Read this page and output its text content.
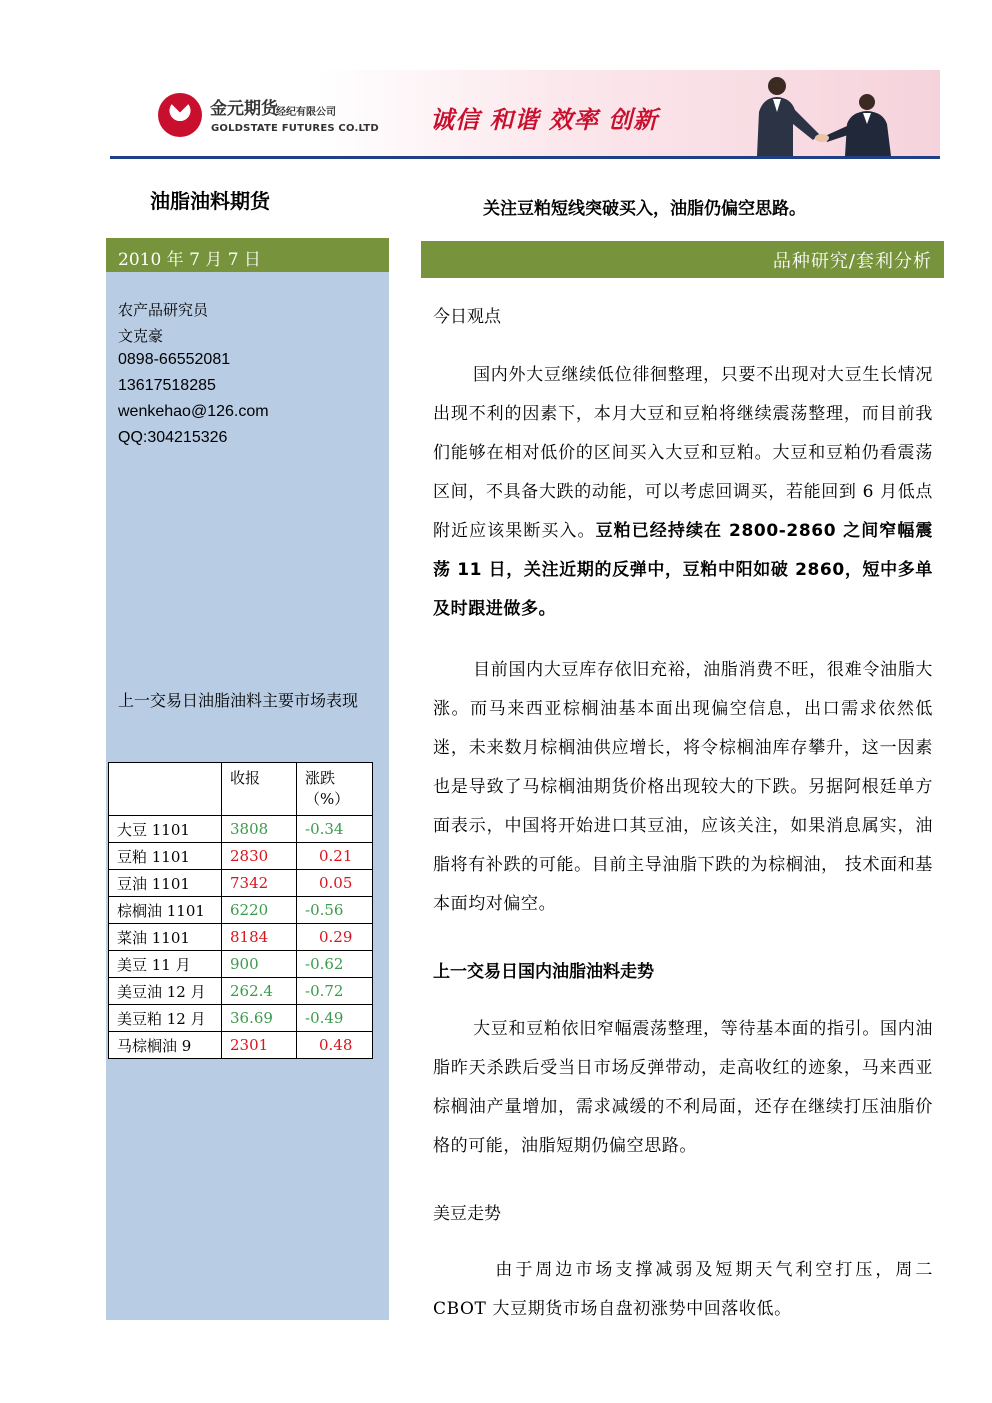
金元期货
经纪有限公司
GOLDSTATE FUTURES CO.LTD 诚信 和谐 效率 创新
油脂油料期货	关注豆粕短线突破买入，油脂仍偏空思路。
2010 年 7 月 7 日
农产品研究员
文克豪
0898-66552081
13617518285
wenkehao@126.com
QQ:304215326
上一交易日油脂油料主要市场表现
	收报	涨跌（%）
大豆 1101	3808	-0.34
豆粕 1101	2830	0.21
豆油 1101	7342	0.05
棕榈油 1101	6220	-0.56
菜油 1101	8184	0.29
美豆 11 月	900	-0.62
美豆油 12 月	262.4	-0.72
美豆粕 12 月	36.69	-0.49
马棕榈油 9	2301	0.48
品种研究/套利分析
今日观点

国内外大豆继续低位徘徊整理，只要不出现对大豆生长情况出现不利的因素下，本月大豆和豆粕将继续震荡整理，而目前我们能够在相对低价的区间买入大豆和豆粕。大豆和豆粕仍看震荡区间，不具备大跌的动能，可以考虑回调买，若能回到 6 月低点附近应该果断买入。豆粕已经持续在 2800-2860 之间窄幅震荡 11 日，关注近期的反弹中，豆粕中阳如破 2860，短中多单及时跟进做多。

目前国内大豆库存依旧充裕，油脂消费不旺，很难令油脂大涨。而马来西亚棕榈油基本面出现偏空信息，出口需求依然低迷，未来数月棕榈油供应增长，将令棕榈油库存攀升，这一因素也是导致了马棕榈油期货价格出现较大的下跌。另据阿根廷单方面表示，中国将开始进口其豆油，应该关注，如果消息属实，油脂将有补跌的可能。目前主导油脂下跌的为棕榈油， 技术面和基本面均对偏空。

上一交易日国内油脂油料走势

大豆和豆粕依旧窄幅震荡整理，等待基本面的指引。国内油脂昨天杀跌后受当日市场反弹带动，走高收红的迹象，马来西亚棕榈油产量增加，需求减缓的不利局面，还存在继续打压油脂价格的可能，油脂短期仍偏空思路。

美豆走势

由于周边市场支撑减弱及短期天气利空打压，周二 CBOT 大豆期货市场自盘初涨势中回落收低。
